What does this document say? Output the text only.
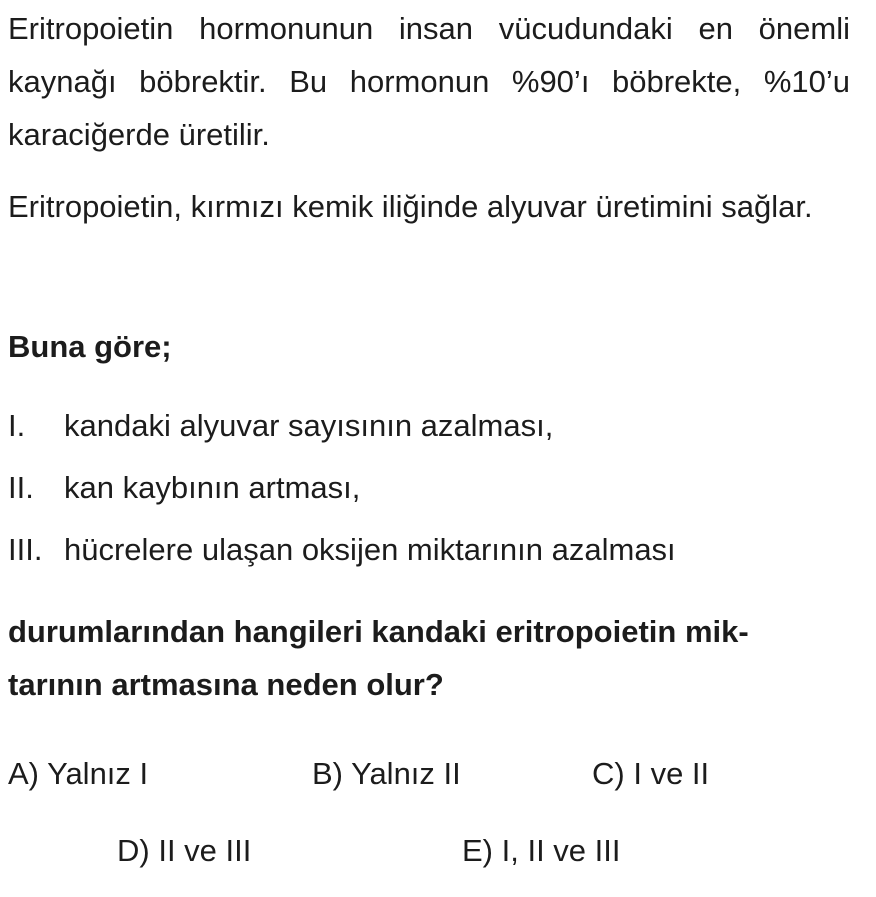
Eritropoietin hormonunun insan vücudundaki en önemli kaynağı böbrektir. Bu hormonun %90’ı böbrekte, %10’u karaciğerde üretilir.

Eritropoietin, kırmızı kemik iliğinde alyuvar üretimini sağlar.

Buna göre;

I. kandaki alyuvar sayısının azalması,
II. kan kaybının artması,
III. hücrelere ulaşan oksijen miktarının azalması

durumlarından hangileri kandaki eritropoietin mik-
tarının artmasına neden olur?

A) Yalnız I	B) Yalnız II	C) I ve II
D) II ve III	E) I, II ve III
